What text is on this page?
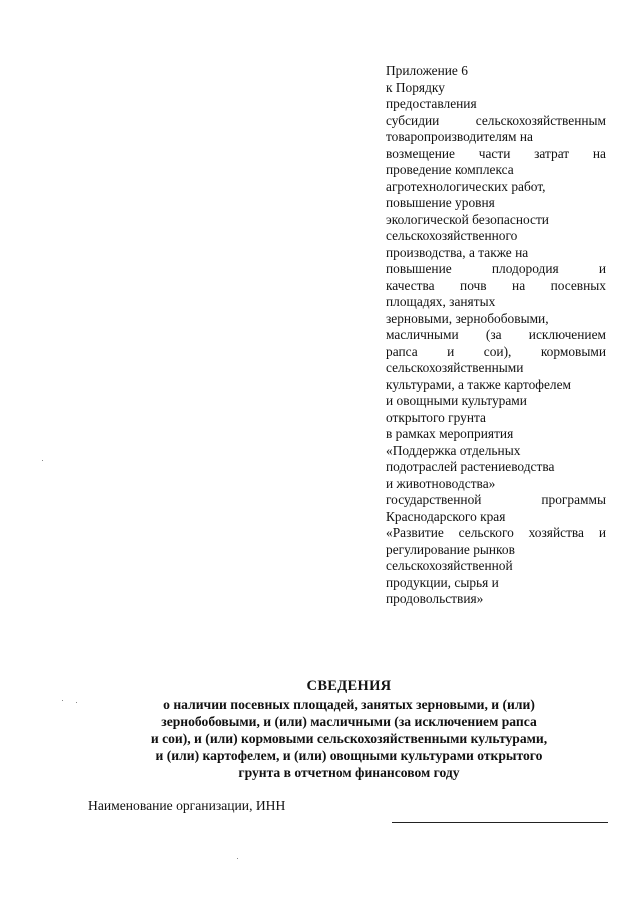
Приложение 6
к Порядку
предоставления
субсидии сельскохозяйственным
товаропроизводителям на
возмещение части затрат на
проведение комплекса
агротехнологических работ,
повышение уровня
экологической безопасности
сельскохозяйственного
производства, а также на
повышение плодородия и
качества почв на посевных
площадях, занятых
зерновыми, зернобобовыми,
масличными (за исключением
рапса и сои), кормовыми
сельскохозяйственными
культурами, а также картофелем
и овощными культурами
открытого грунта
в рамках мероприятия
«Поддержка отдельных
подотраслей растениеводства
и животноводства»
государственной программы
Краснодарского края
«Развитие сельского хозяйства и
регулирование рынков
сельскохозяйственной
продукции, сырья и
продовольствия»
СВЕДЕНИЯ
о наличии посевных площадей, занятых зерновыми, и (или)
зернобобовыми, и (или) масличными (за исключением рапса
и сои), и (или) кормовыми сельскохозяйственными культурами,
и (или) картофелем, и (или) овощными культурами открытого
грунта в отчетном финансовом году
Наименование организации, ИНН
